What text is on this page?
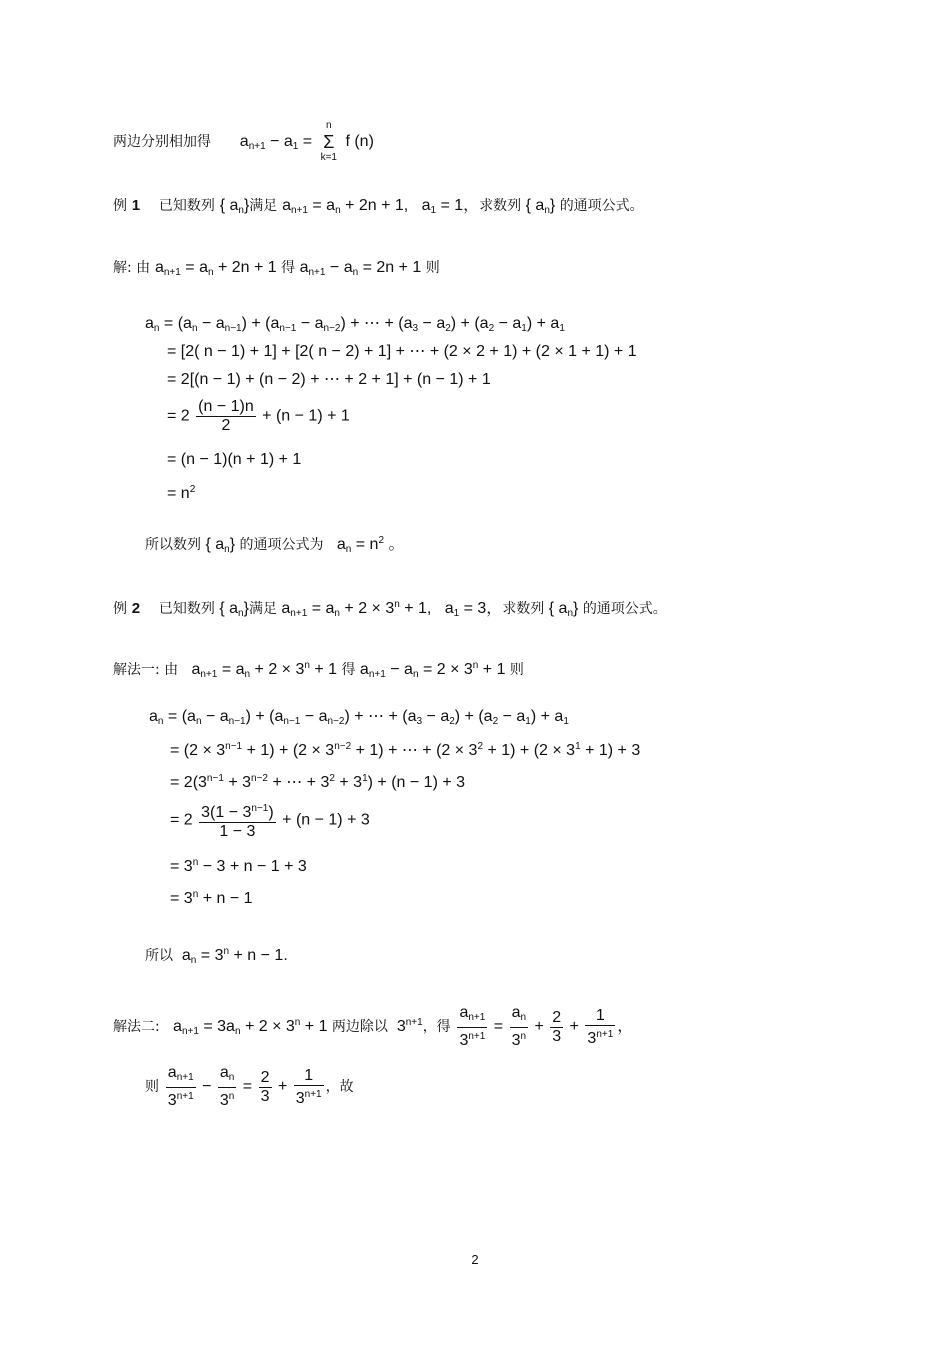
两边分别相加得 $a_{n+1} - a_1$ =
n
Σ
k=1
f (n)
例 1 已知数列 { $a_n$}满足 $a_{n+1} = a_n + 2n + 1$,   $a_1 = 1$，求数列 { $a_n$} 的通项公式。
解: 由 $a_{n+1} = a_n + 2n + 1$ 得 $a_{n+1} - a_n = 2n + 1$ 则
$a_n = (a_n - a_{n-1}) + (a_{n-1} - a_{n-2})$ + ⋯ + $(a_3 - a_2) + (a_2 - a_1) + a_1$
= [2( n − 1) + 1] + [2( n − 2) + 1] + ⋯ + (2 × 2 + 1) + (2 × 1 + 1) + 1
= 2[(n − 1) + (n − 2) + ⋯ + 2 + 1] + (n − 1) + 1
= $2 \frac{(n - 1)n}{2} + (n - 1) + 1$
= (n − 1)(n + 1) + 1
= $n^2$
所以数列 { $a_n$} 的通项公式为   $a_n = n^2$ 。
例 2 已知数列 { $a_n$}满足 $a_{n+1} = a_n + 2 \times 3^n + 1$,   $a_1 = 3$，求数列 { $a_n$} 的通项公式。
解法一: 由   $a_{n+1} = a_n + 2 \times 3^n + 1$ 得 $a_{n+1} - a_n = 2 \times 3^n + 1$ 则
$a_n = (a_n - a_{n-1}) + (a_{n-1} - a_{n-2})$ + ⋯ + $(a_3 - a_2) + (a_2 - a_1) + a_1$
= $(2 \times 3^{n-1} + 1) + (2 \times 3^{n-2} + 1)$ + ⋯ + $(2 \times 3^2 + 1) + (2 \times 3^1 + 1) + 3$
= $2(3^{n-1} + 3^{n-2}$ + ⋯ + $3^2 + 3^1) + (n - 1) + 3$
= $2 \frac{3(1 - 3^{n-1})}{1 - 3} + (n - 1) + 3$
= $3^n - 3 + n - 1 + 3$
= $3^n + n - 1$
所以  $a_n = 3^n + n - 1$.
解法二:   $a_{n+1} = 3a_n + 2 \times 3^n + 1$ 两边除以  $3^{n+1}$，得 $\frac{a_{n+1}}{3^{n+1}} = \frac{a_n}{3^n} + \frac{2}{3} + \frac{1}{3^{n+1}}$ ，
则 $\frac{a_{n+1}}{3^{n+1}} - \frac{a_n}{3^n} = \frac{2}{3} + \frac{1}{3^{n+1}}$ ，故
2
